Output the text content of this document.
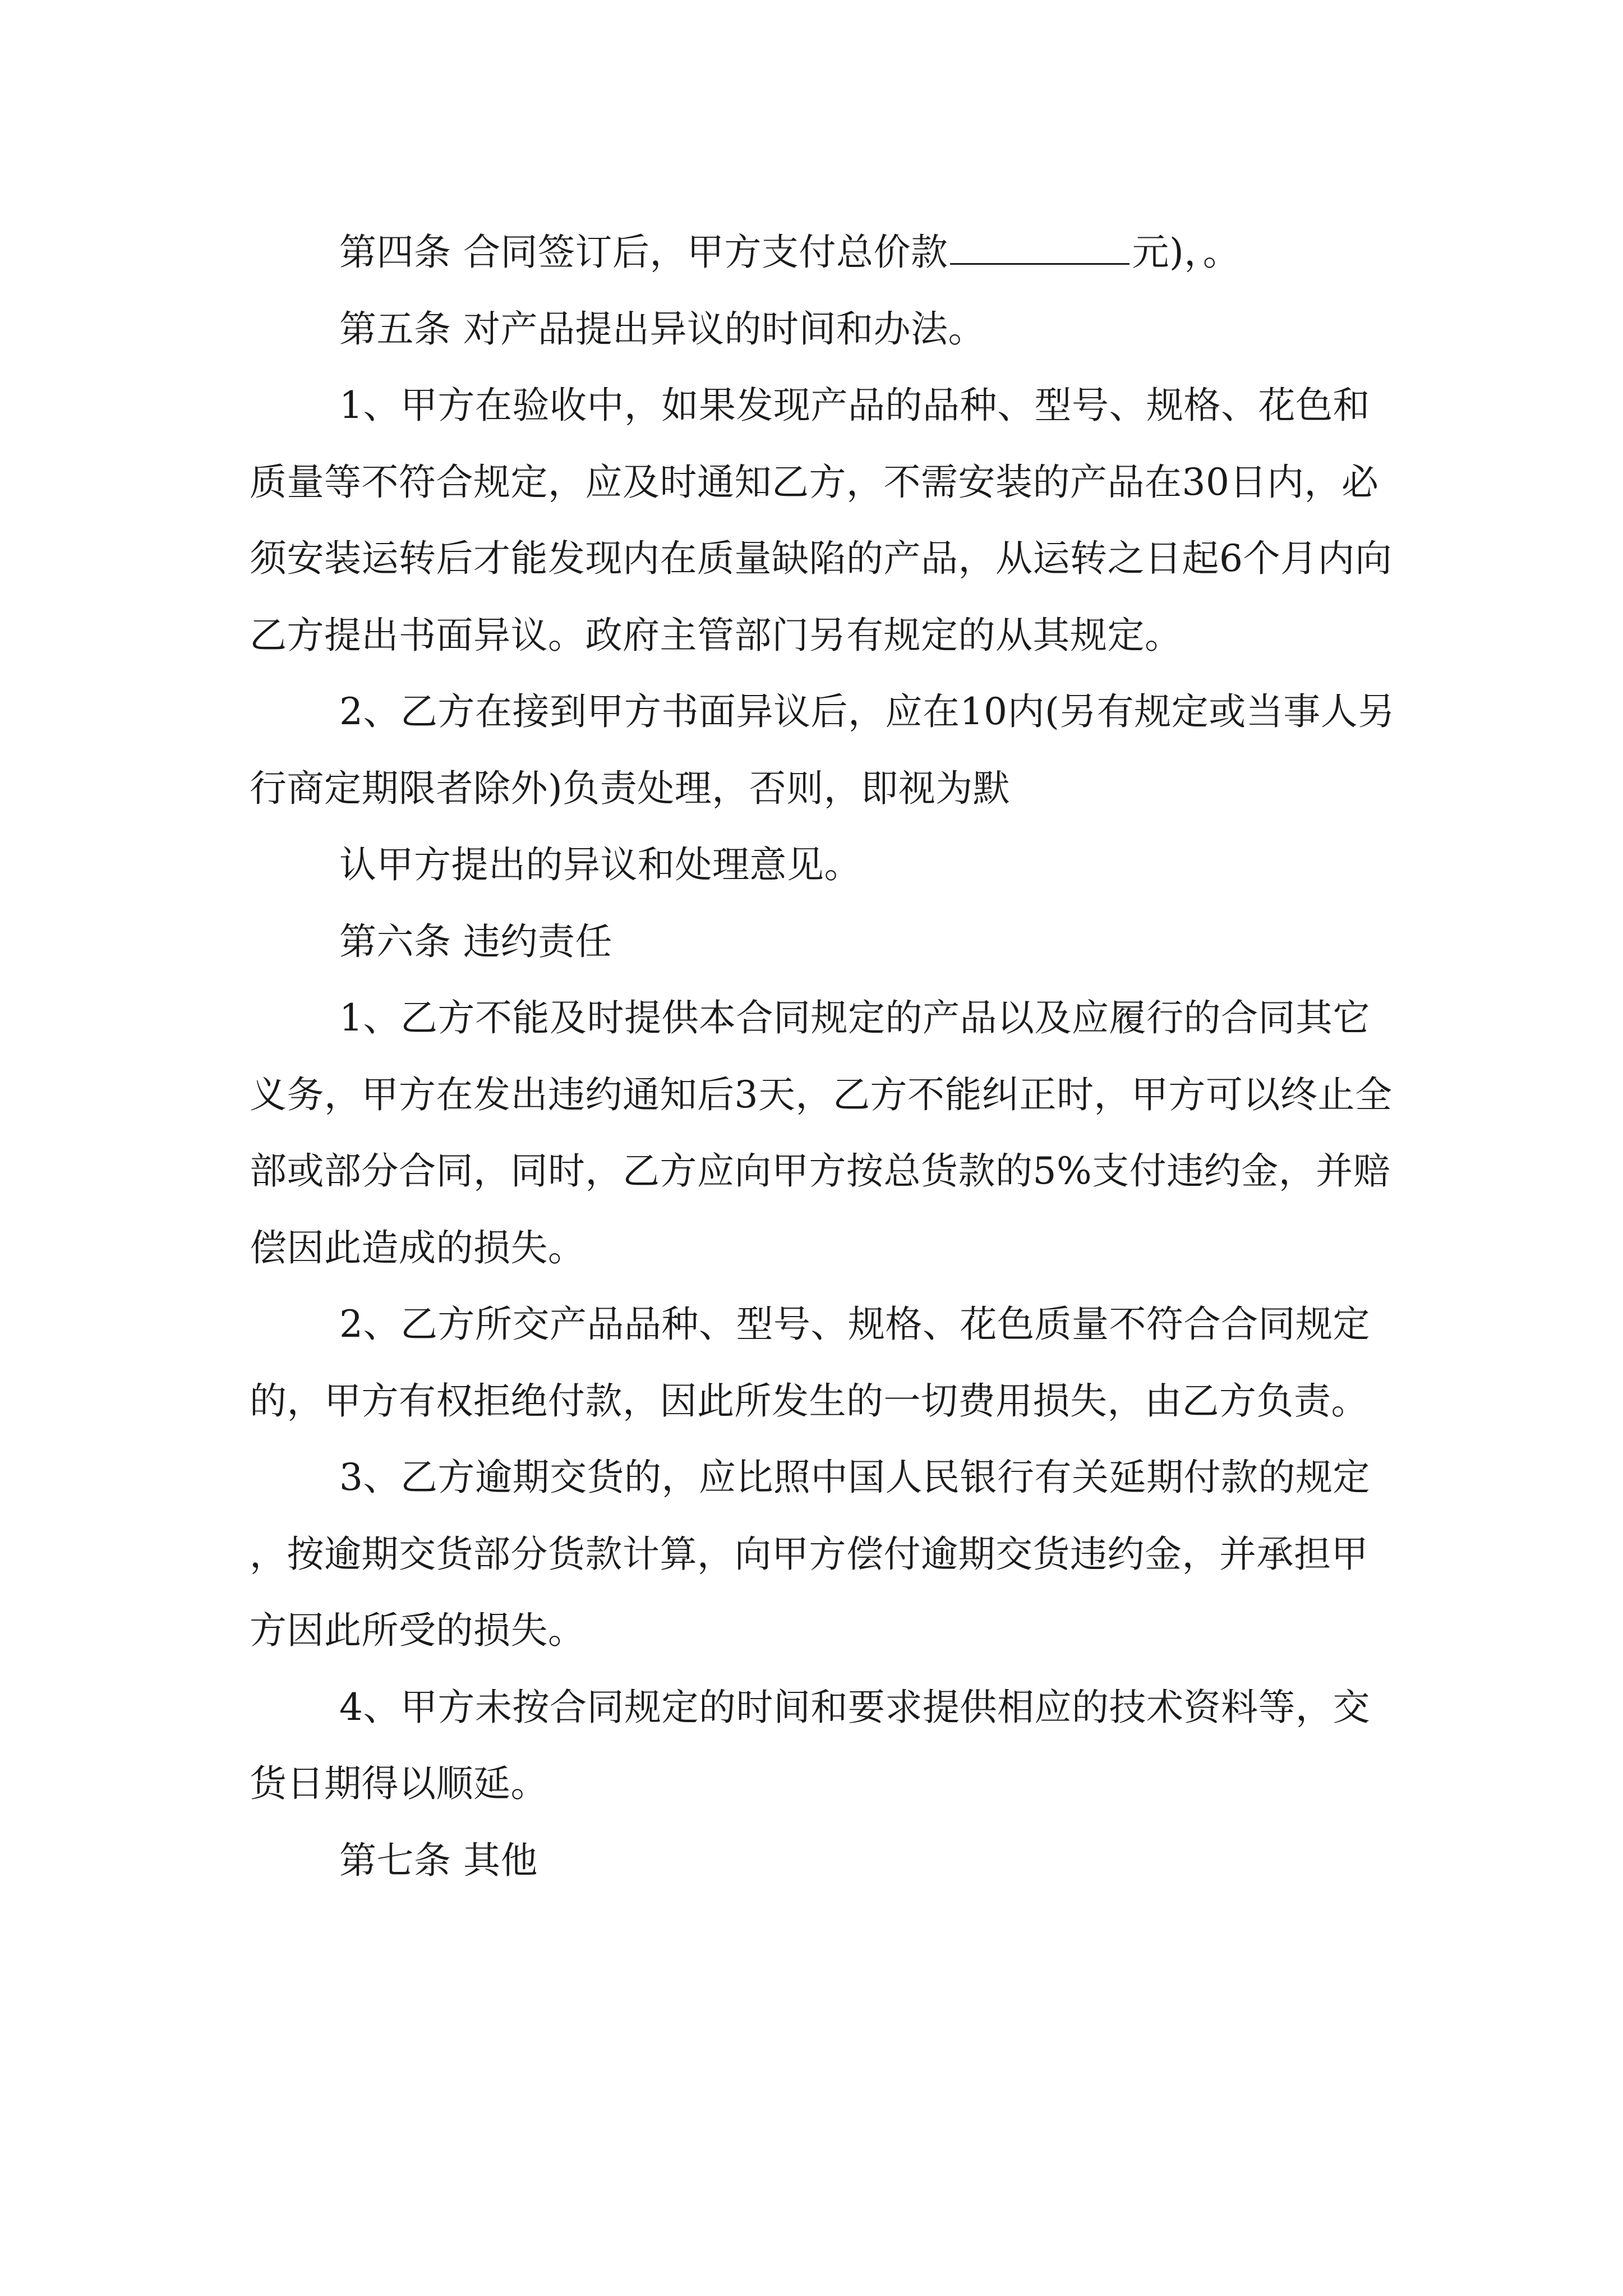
第四条 合同签订后，甲方支付总价款	元)，。

第五条 对产品提出异议的时间和办法。

1、甲方在验收中，如果发现产品的品种、型号、规格、花色和质量等不符合规定，应及时通知乙方，不需安装的产品在30日内，必须安装运转后才能发现内在质量缺陷的产品，从运转之日起6个月内向乙方提出书面异议。政府主管部门另有规定的从其规定。

2、乙方在接到甲方书面异议后，应在10内(另有规定或当事人另行商定期限者除外)负责处理，否则，即视为默

认甲方提出的异议和处理意见。

第六条 违约责任

1、乙方不能及时提供本合同规定的产品以及应履行的合同其它义务，甲方在发出违约通知后3天，乙方不能纠正时，甲方可以终止全部或部分合同，同时，乙方应向甲方按总货款的5%支付违约金，并赔偿因此造成的损失。

2、乙方所交产品品种、型号、规格、花色质量不符合合同规定的，甲方有权拒绝付款，因此所发生的一切费用损失，由乙方负责。

3、乙方逾期交货的，应比照中国人民银行有关延期付款的规定，按逾期交货部分货款计算，向甲方偿付逾期交货违约金，并承担甲方因此所受的损失。

4、甲方未按合同规定的时间和要求提供相应的技术资料等，交货日期得以顺延。

第七条 其他
